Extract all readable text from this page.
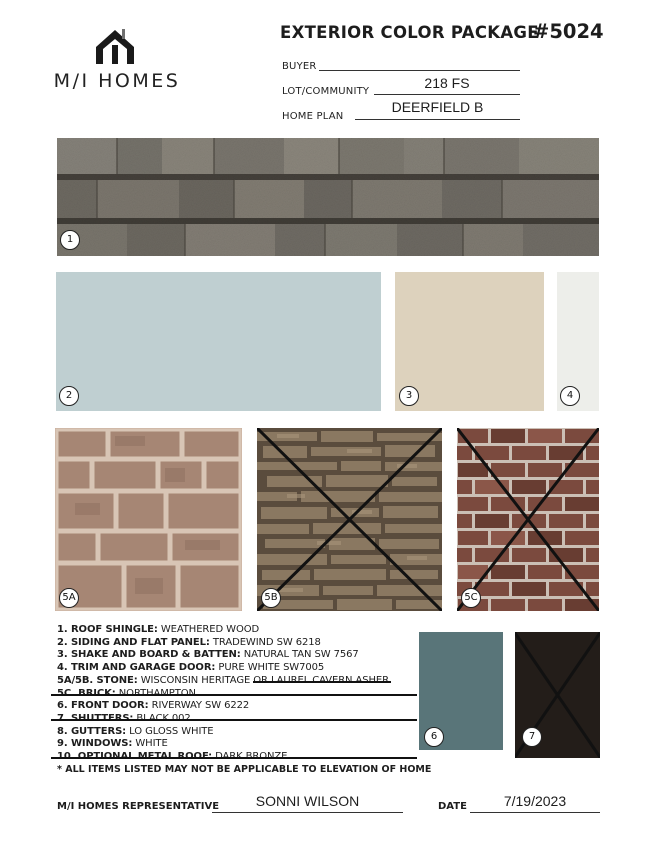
M/I HOMES
EXTERIOR COLOR PACKAGE
#5024
BUYER
LOT/COMMUNITY
218 FS
HOME PLAN
DEERFIELD B
1
2	3	4
5A	5B	5C
1. ROOF SHINGLE: WEATHERED WOOD
2. SIDING AND FLAT PANEL: TRADEWIND SW 6218
3. SHAKE AND BOARD & BATTEN: NATURAL TAN SW 7567
4. TRIM AND GARAGE DOOR: PURE WHITE SW7005
5A/5B. STONE: WISCONSIN HERITAGE OR LAUREL CAVERN ASHER
5C. BRICK: NORTHAMPTON
6. FRONT DOOR: RIVERWAY SW 6222
7. SHUTTERS: BLACK 002
8. GUTTERS: LO GLOSS WHITE
9. WINDOWS: WHITE
10. OPTIONAL METAL ROOF: DARK BRONZE
* ALL ITEMS LISTED MAY NOT BE APPLICABLE TO ELEVATION OF HOME
6	7
M/I HOMES REPRESENTATIVE	SONNI WILSON	DATE	7/19/2023
